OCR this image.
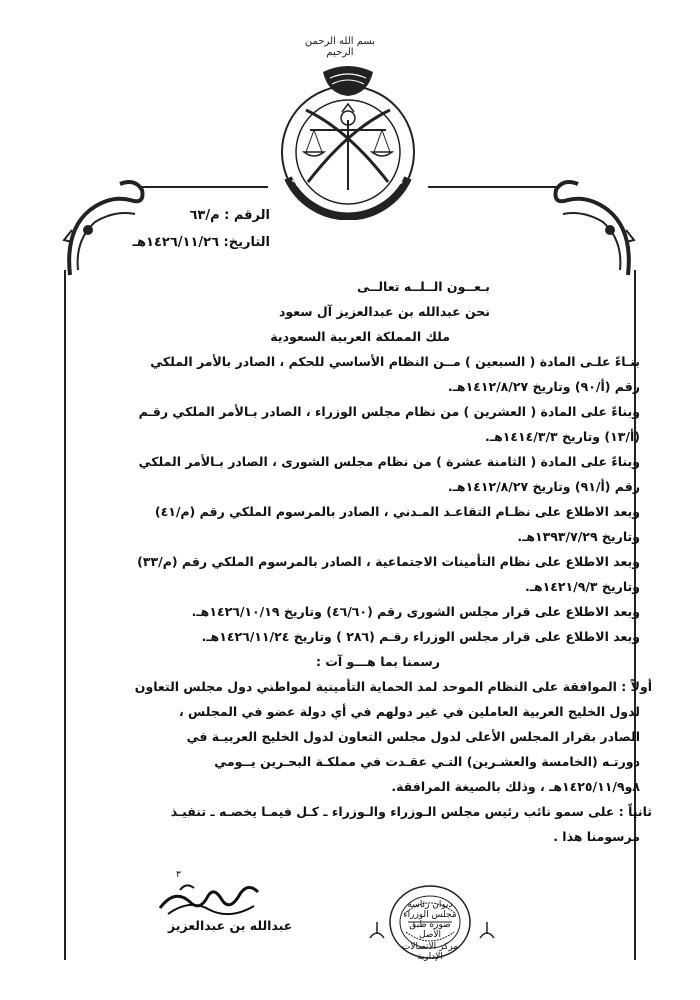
بسم الله الرحمن الرحيم
الرقم : م/٦٣
التاريخ: ١٤٢٦/١١/٢٦هـ
بـعــون الــلــه تعالــى
نحن عبدالله بن عبدالعزيز آل سعود
ملك المملكة العربية السعودية
بنـاءً علـى المادة ( السبعين ) مــن النظام الأساسي للحكم ، الصادر بالأمر الملكي
رقم (أ/٩٠) وتاريخ ١٤١٢/٨/٢٧هـ.
وبناءً على المادة ( العشرين ) من نظام مجلس الوزراء ، الصادر بـالأمر الملكي رقـم
(أ/١٣) وتاريخ ١٤١٤/٣/٣هـ.
وبناءً على المادة ( الثامنة عشرة ) من نظام مجلس الشورى ، الصادر بـالأمر الملكي
رقم (أ/٩١) وتاريخ ١٤١٢/٨/٢٧هـ.
وبعد الاطلاع على نظـام التقاعـد المـدني ، الصادر بالمرسوم الملكي رقم (م/٤١)
وتاريخ ١٣٩٣/٧/٢٩هـ.
وبعد الاطلاع على نظام التأمينات الاجتماعية ، الصادر بالمرسوم الملكي رقم (م/٣٣)
وتاريخ ١٤٢١/٩/٣هـ.
وبعد الاطلاع على قرار مجلس الشورى رقم (٤٦/٦٠) وتاريخ ١٤٢٦/١٠/١٩هـ.
وبعد الاطلاع على قرار مجلس الوزراء رقـم (٢٨٦ ) وتاريخ ١٤٢٦/١١/٢٤هـ.
رسمنا بما هـــو آت :
أولاً : الموافقة على النظام الموحد لمد الحماية التأمينية لمواطني دول مجلس التعاون
لدول الخليج العربية العاملين في غير دولهم في أي دولة عضو في المجلس ،
الصادر بقرار المجلس الأعلى لدول مجلس التعاون لدول الخليج العربيـة في
دورتـه (الخامسة والعشـرين) التـي عقـدت في مملكـة البحـرين يــومي
٨و١٤٢٥/١١/٩هـ ، وذلك بالصيغة المرافقة.
ثانياً : على سمو نائب رئيس مجلس الـوزراء والـوزراء ـ كـل فيمـا يخصـه ـ تنفيـذ
مرسومنا هذا .
٣
عبدالله بن عبدالعزيز
ديوان رئاسة مجلس الوزراء
صورة طبق الأصل
مركز الاتصالات الإدارية
